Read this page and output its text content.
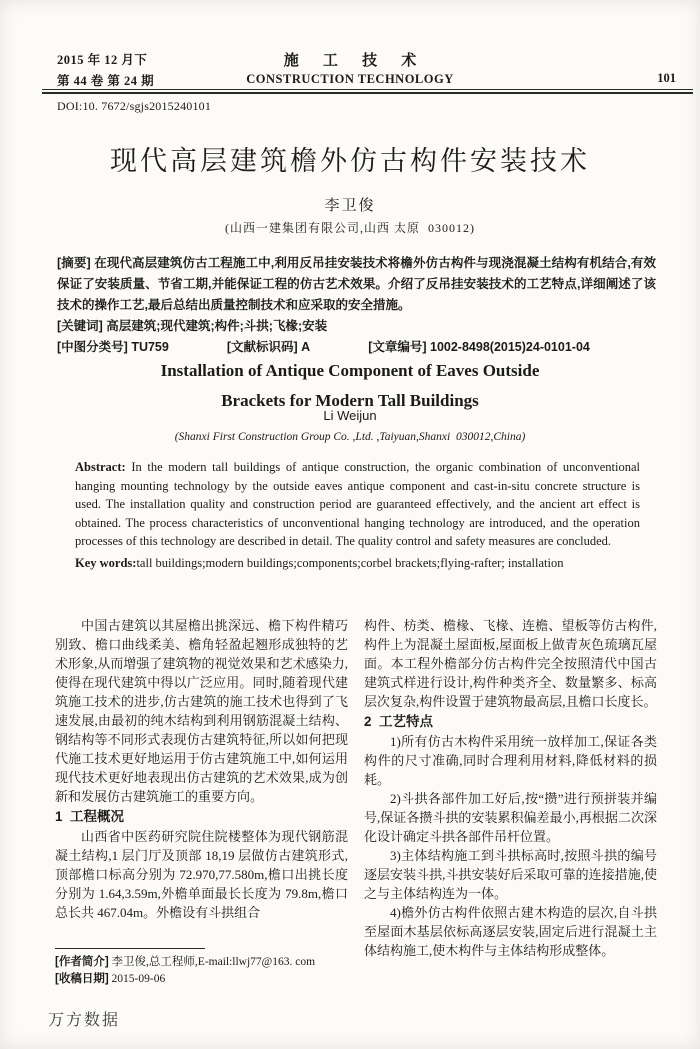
2015 年 12 月下
第 44 卷 第 24 期
施 工 技 术
CONSTRUCTION TECHNOLOGY	101
DOI:10. 7672/sgjs2015240101
现代高层建筑檐外仿古构件安装技术
李卫俊
(山西一建集团有限公司,山西 太原  030012)

[摘要] 在现代高层建筑仿古工程施工中,利用反吊挂安装技术将檐外仿古构件与现浇混凝土结构有机结合,有效保证了安装质量、节省工期,并能保证工程的仿古艺术效果。介绍了反吊挂安装技术的工艺特点,详细阐述了该技术的操作工艺,最后总结出质量控制技术和应采取的安全措施。

[关键词] 高层建筑;现代建筑;构件;斗拱;飞椽;安装

[中图分类号] TU759	[文献标识码] A	[文章编号] 1002-8498(2015)24-0101-04
Installation of Antique Component of Eaves Outside
Brackets for Modern Tall Buildings
Li Weijun
(Shanxi First Construction Group Co. ,Ltd. ,Taiyuan,Shanxi  030012,China)

Abstract: In the modern tall buildings of antique construction, the organic combination of unconventional hanging mounting technology by the outside eaves antique component and cast-in-situ concrete structure is used. The installation quality and construction period are guaranteed effectively, and the ancient art effect is obtained. The process characteristics of unconventional hanging technology are introduced, and the operation processes of this technology are described in detail. The quality control and safety measures are concluded.

Key words:tall buildings;modern buildings;components;corbel brackets;flying-rafter; installation

中国古建筑以其屋檐出挑深远、檐下构件精巧别致、檐口曲线柔美、檐角轻盈起翘形成独特的艺术形象,从而增强了建筑物的视觉效果和艺术感染力,使得在现代建筑中得以广泛应用。同时,随着现代建筑施工技术的进步,仿古建筑的施工技术也得到了飞速发展,由最初的纯木结构到利用钢筋混凝土结构、钢结构等不同形式表现仿古建筑特征,所以如何把现代施工技术更好地运用于仿古建筑施工中,如何运用现代技术更好地表现出仿古建筑的艺术效果,成为创新和发展仿古建筑施工的重要方向。

1  工程概况

山西省中医药研究院住院楼整体为现代钢筋混凝土结构,1 层门厅及顶部 18,19 层做仿古建筑形式,顶部檐口标高分别为 72.970,77.580m,檐口出挑长度分别为 1.64,3.59m,外檐单面最长长度为 79.8m,檐口总长共 467.04m。外檐设有斗拱组合

构件、枋类、檐椽、飞椽、连檐、望板等仿古构件,构件上为混凝土屋面板,屋面板上做青灰色琉璃瓦屋面。本工程外檐部分仿古构件完全按照清代中国古建筑式样进行设计,构件种类齐全、数量繁多、标高层次复杂,构件设置于建筑物最高层,且檐口长度长。

2  工艺特点

1)所有仿古木构件采用统一放样加工,保证各类构件的尺寸准确,同时合理利用材料,降低材料的损耗。

2)斗拱各部件加工好后,按“攒”进行预拼装并编号,保证各攒斗拱的安装累积偏差最小,再根据二次深化设计确定斗拱各部件吊杆位置。

3)主体结构施工到斗拱标高时,按照斗拱的编号逐层安装斗拱,斗拱安装好后采取可靠的连接措施,使之与主体结构连为一体。

4)檐外仿古构件依照古建木构造的层次,自斗拱至屋面木基层依标高逐层安装,固定后进行混凝土主体结构施工,使木构件与主体结构形成整体。

[作者简介] 李卫俊,总工程师,E-mail:llwj77@163. com
[收稿日期] 2015-09-06
万方数据
